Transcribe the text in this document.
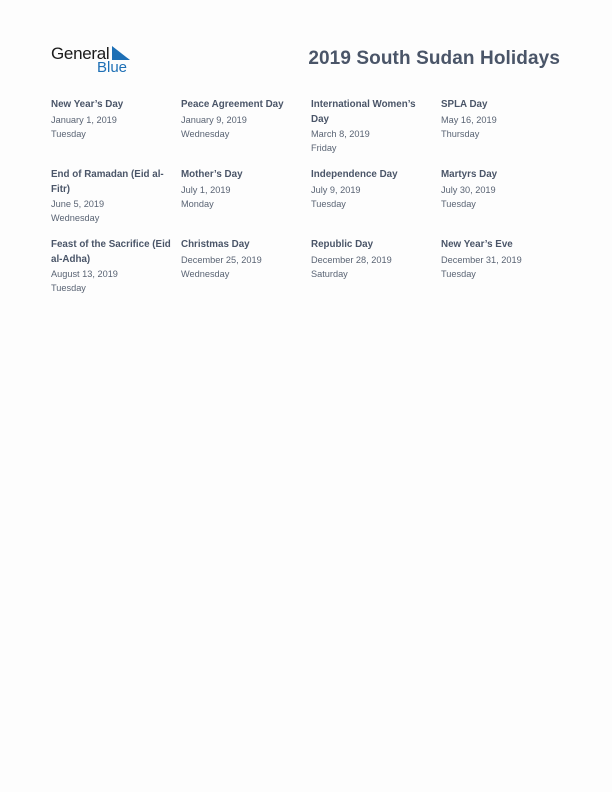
General
Blue	2019 South Sudan Holidays
New Year’s Day
January 1, 2019
Tuesday
Peace Agreement Day
January 9, 2019
Wednesday
International Women’s Day
March 8, 2019
Friday
SPLA Day
May 16, 2019
Thursday
End of Ramadan (Eid al-Fitr)
June 5, 2019
Wednesday
Mother’s Day
July 1, 2019
Monday
Independence Day
July 9, 2019
Tuesday
Martyrs Day
July 30, 2019
Tuesday
Feast of the Sacrifice (Eid al-Adha)
August 13, 2019
Tuesday
Christmas Day
December 25, 2019
Wednesday
Republic Day
December 28, 2019
Saturday
New Year’s Eve
December 31, 2019
Tuesday
